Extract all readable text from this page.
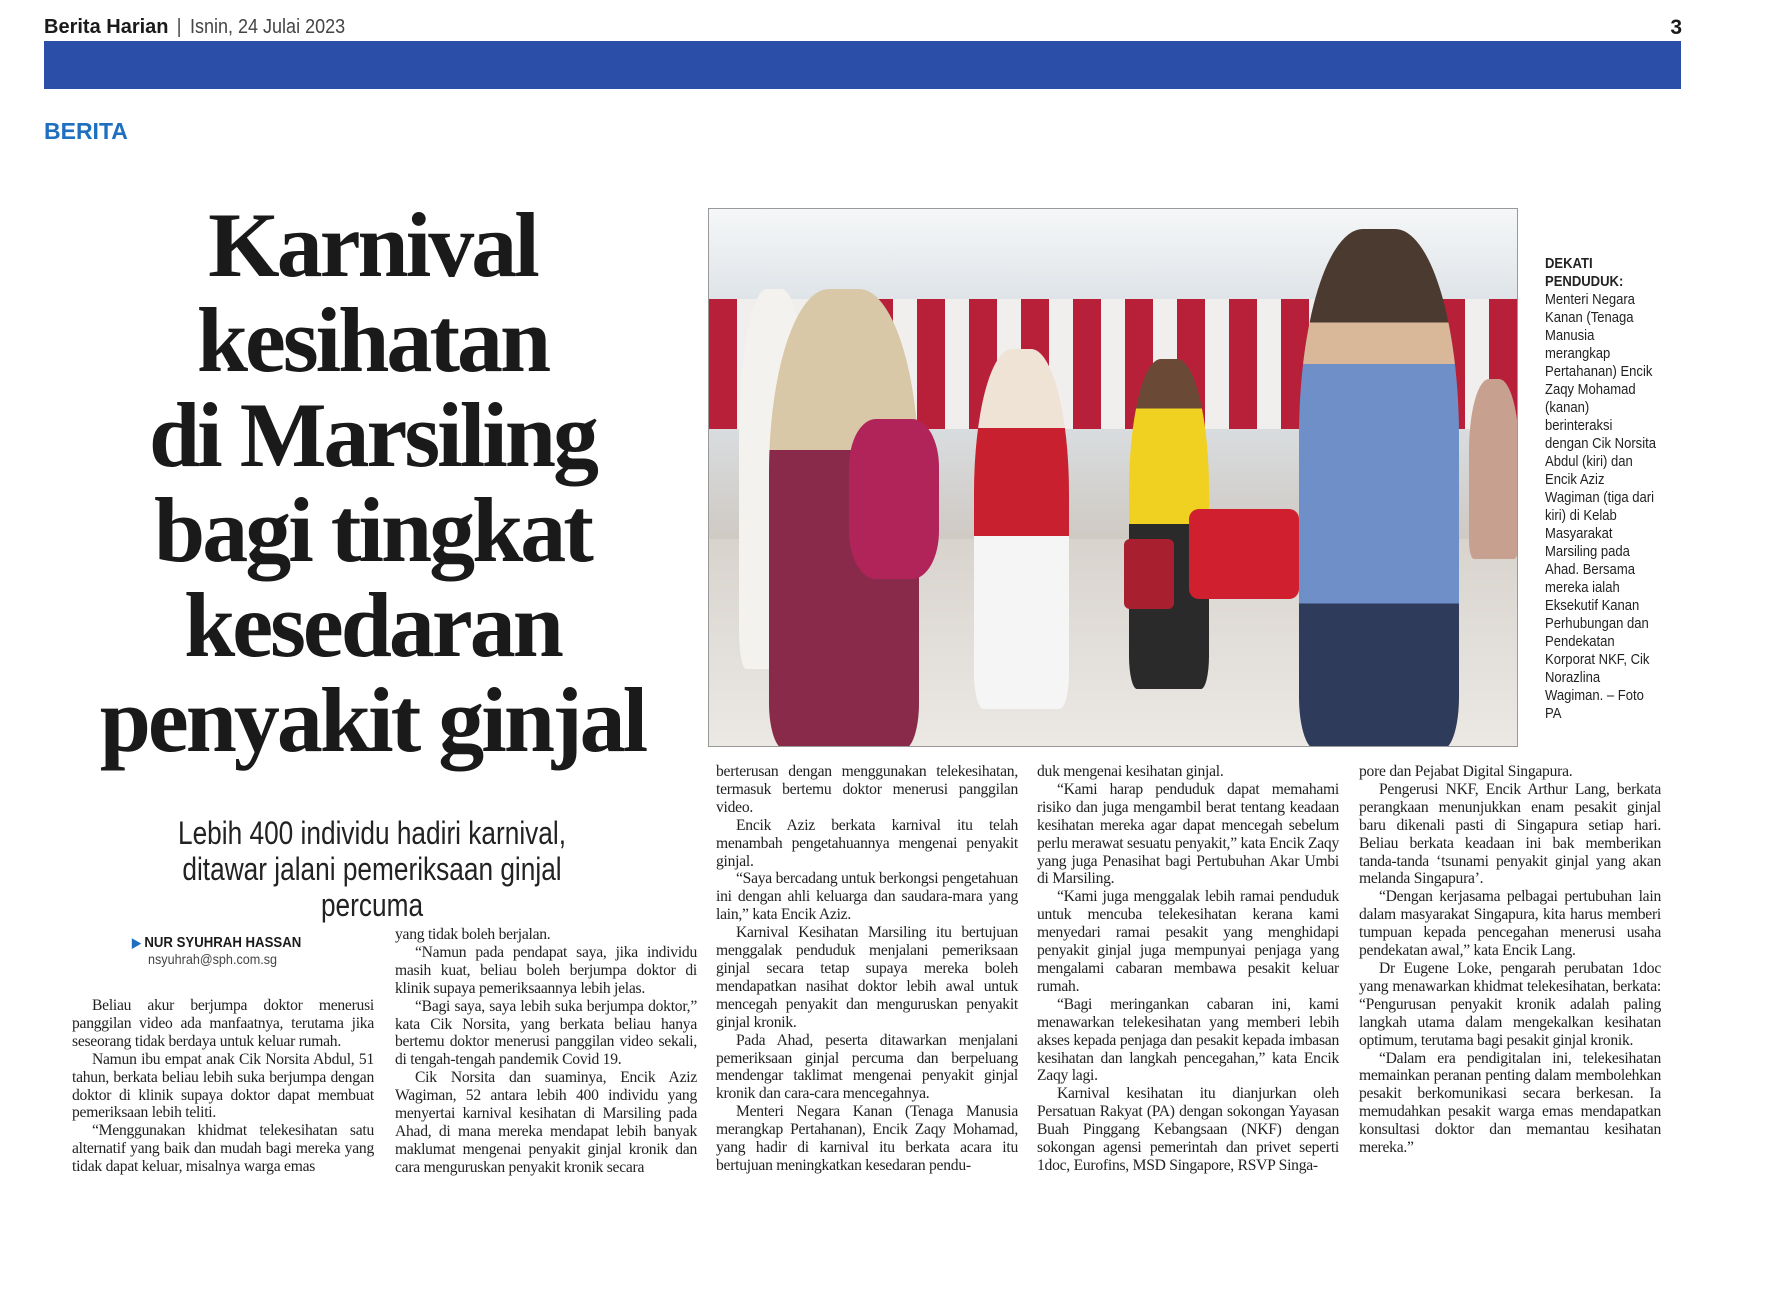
Berita Harian | Isnin, 24 Julai 2023	3
BERITA
Karnival
kesihatan
di Marsiling
bagi tingkat
kesedaran
penyakit ginjal
Lebih 400 individu hadiri karnival,
ditawar jalani pemeriksaan ginjal percuma
▶ NUR SYUHRAH HASSAN
nsyuhrah@sph.com.sg
DEKATI PENDUDUK:
Menteri Negara Kanan (Tenaga Manusia merangkap Pertahanan) Encik Zaqy Mohamad (kanan) berinteraksi dengan Cik Norsita Abdul (kiri) dan Encik Aziz Wagiman (tiga dari kiri) di Kelab Masyarakat Marsiling pada Ahad. Bersama mereka ialah Eksekutif Kanan Perhubungan dan Pendekatan Korporat NKF, Cik Norazlina Wagiman. – Foto PA

Beliau akur berjumpa doktor menerusi panggilan video ada manfaatnya, terutama jika seseorang tidak berdaya untuk keluar rumah.

Namun ibu empat anak Cik Norsita Abdul, 51 tahun, berkata beliau lebih suka berjumpa dengan doktor di klinik supaya doktor dapat membuat pemeriksaan lebih teliti.

“Menggunakan khidmat telekesihatan satu alternatif yang baik dan mudah bagi mereka yang tidak dapat keluar, misalnya warga emas

yang tidak boleh berjalan.

“Namun pada pendapat saya, jika individu masih kuat, beliau boleh berjumpa doktor di klinik supaya pemeriksaannya lebih jelas.

“Bagi saya, saya lebih suka berjumpa doktor,” kata Cik Norsita, yang berkata beliau hanya bertemu doktor menerusi panggilan video sekali, di tengah-tengah pandemik Covid 19.

Cik Norsita dan suaminya, Encik Aziz Wagiman, 52 antara lebih 400 individu yang menyertai karnival kesihatan di Marsiling pada Ahad, di mana mereka mendapat lebih banyak maklumat mengenai penyakit ginjal kronik dan cara menguruskan penyakit kronik secara

berterusan dengan menggunakan telekesihatan, termasuk bertemu doktor menerusi panggilan video.

Encik Aziz berkata karnival itu telah menambah pengetahuannya mengenai penyakit ginjal.

“Saya bercadang untuk berkongsi pengetahuan ini dengan ahli keluarga dan saudara-mara yang lain,” kata Encik Aziz.

Karnival Kesihatan Marsiling itu bertujuan menggalak penduduk menjalani pemeriksaan ginjal secara tetap supaya mereka boleh mendapatkan nasihat doktor lebih awal untuk mencegah penyakit dan menguruskan penyakit ginjal kronik.

Pada Ahad, peserta ditawarkan menjalani pemeriksaan ginjal percuma dan berpeluang mendengar taklimat mengenai penyakit ginjal kronik dan cara-cara mencegahnya.

Menteri Negara Kanan (Tenaga Manusia merangkap Pertahanan), Encik Zaqy Mohamad, yang hadir di karnival itu berkata acara itu bertujuan meningkatkan kesedaran pendu-

duk mengenai kesihatan ginjal.

“Kami harap penduduk dapat memahami risiko dan juga mengambil berat tentang keadaan kesihatan mereka agar dapat mencegah sebelum perlu merawat sesuatu penyakit,” kata Encik Zaqy yang juga Penasihat bagi Pertubuhan Akar Umbi di Marsiling.

“Kami juga menggalak lebih ramai penduduk untuk mencuba telekesihatan kerana kami menyedari ramai pesakit yang menghidapi penyakit ginjal juga mempunyai penjaga yang mengalami cabaran membawa pesakit keluar rumah.

“Bagi meringankan cabaran ini, kami menawarkan telekesihatan yang memberi lebih akses kepada penjaga dan pesakit kepada imbasan kesihatan dan langkah pencegahan,” kata Encik Zaqy lagi.

Karnival kesihatan itu dianjurkan oleh Persatuan Rakyat (PA) dengan sokongan Yayasan Buah Pinggang Kebangsaan (NKF) dengan sokongan agensi pemerintah dan privet seperti 1doc, Eurofins, MSD Singapore, RSVP Singa-

pore dan Pejabat Digital Singapura.

Pengerusi NKF, Encik Arthur Lang, berkata perangkaan menunjukkan enam pesakit ginjal baru dikenali pasti di Singapura setiap hari. Beliau berkata keadaan ini bak memberikan tanda-tanda ‘tsunami penyakit ginjal yang akan melanda Singapura’.

“Dengan kerjasama pelbagai pertubuhan lain dalam masyarakat Singapura, kita harus memberi tumpuan kepada pencegahan menerusi usaha pendekatan awal,” kata Encik Lang.

Dr Eugene Loke, pengarah perubatan 1doc yang menawarkan khidmat telekesihatan, berkata: “Pengurusan penyakit kronik adalah paling langkah utama dalam mengekalkan kesihatan optimum, terutama bagi pesakit ginjal kronik.

“Dalam era pendigitalan ini, telekesihatan memainkan peranan penting dalam membolehkan pesakit berkomunikasi secara berkesan. Ia memudahkan pesakit warga emas mendapatkan konsultasi doktor dan memantau kesihatan mereka.”
